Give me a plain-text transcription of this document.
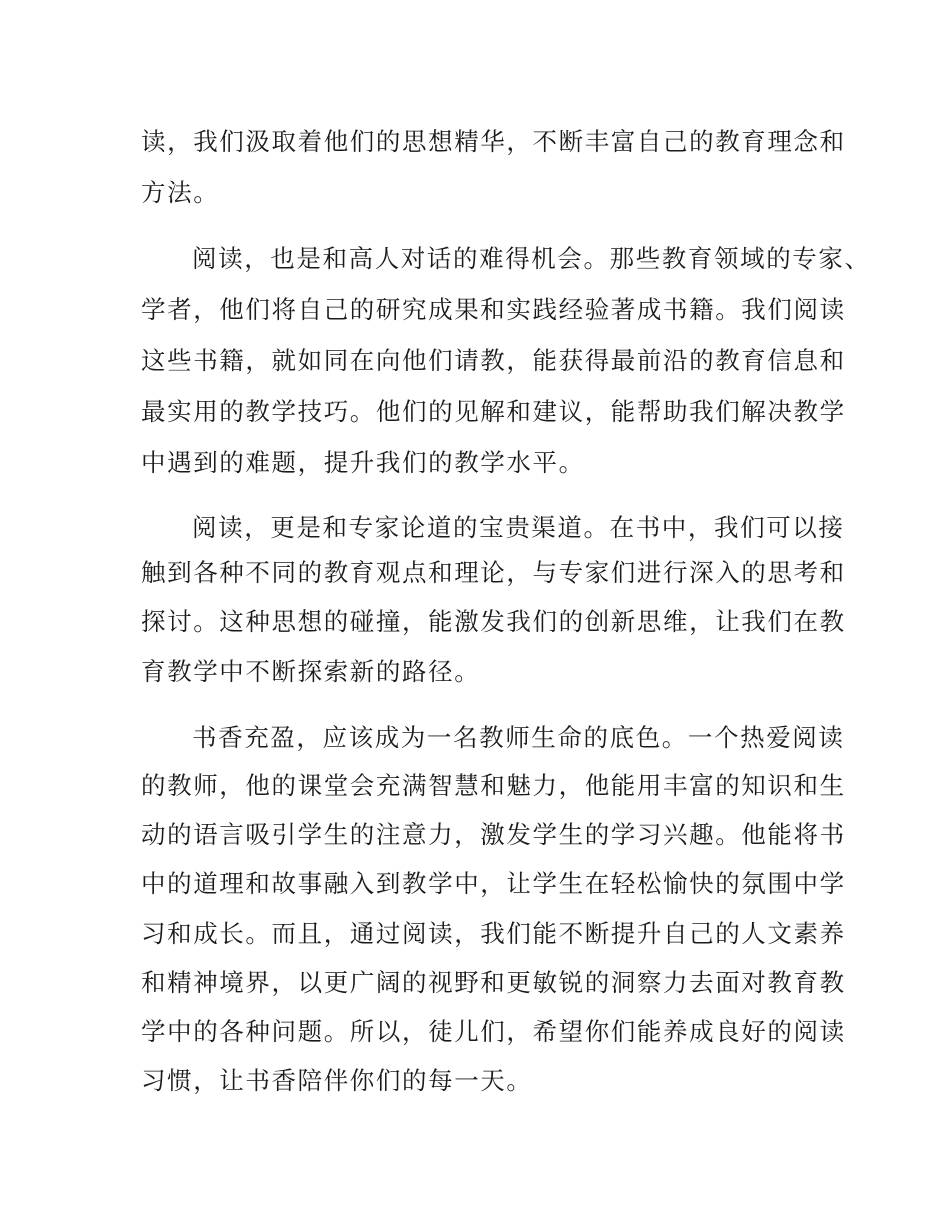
读，我们汲取着他们的思想精华，不断丰富自己的教育理念和

方法。

阅读，也是和高人对话的难得机会。那些教育领域的专家、

学者，他们将自己的研究成果和实践经验著成书籍。我们阅读

这些书籍，就如同在向他们请教，能获得最前沿的教育信息和

最实用的教学技巧。他们的见解和建议，能帮助我们解决教学

中遇到的难题，提升我们的教学水平。

阅读，更是和专家论道的宝贵渠道。在书中，我们可以接

触到各种不同的教育观点和理论，与专家们进行深入的思考和

探讨。这种思想的碰撞，能激发我们的创新思维，让我们在教

育教学中不断探索新的路径。

书香充盈，应该成为一名教师生命的底色。一个热爱阅读

的教师，他的课堂会充满智慧和魅力，他能用丰富的知识和生

动的语言吸引学生的注意力，激发学生的学习兴趣。他能将书

中的道理和故事融入到教学中，让学生在轻松愉快的氛围中学

习和成长。而且，通过阅读，我们能不断提升自己的人文素养

和精神境界，以更广阔的视野和更敏锐的洞察力去面对教育教

学中的各种问题。所以，徒儿们，希望你们能养成良好的阅读

习惯，让书香陪伴你们的每一天。
